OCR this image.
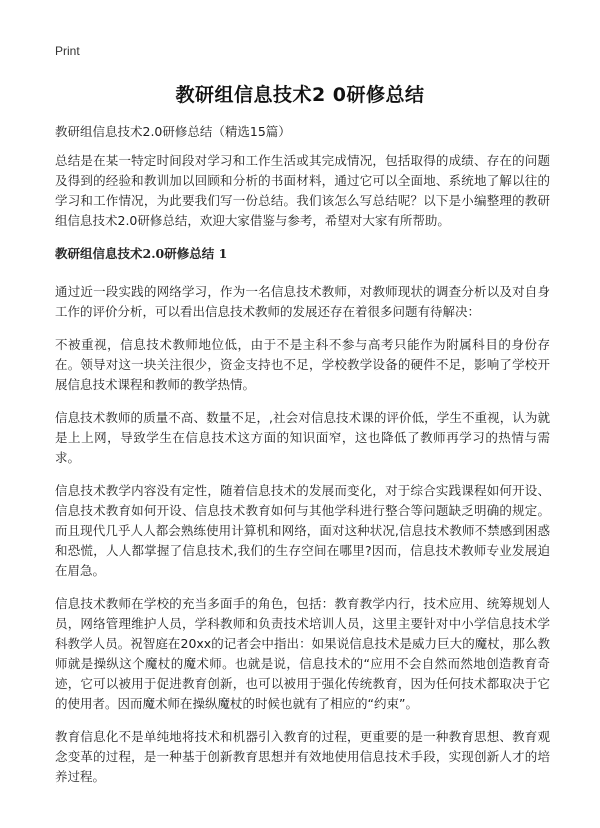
Print
教研组信息技术2 0研修总结

教研组信息技术2.0研修总结（精选15篇）

总结是在某一特定时间段对学习和工作生活或其完成情况，包括取得的成绩、存在的问题及得到的经验和教训加以回顾和分析的书面材料，通过它可以全面地、系统地了解以往的学习和工作情况，为此要我们写一份总结。我们该怎么写总结呢？以下是小编整理的教研组信息技术2.0研修总结，欢迎大家借鉴与参考，希望对大家有所帮助。

教研组信息技术2.0研修总结 1

通过近一段实践的网络学习，作为一名信息技术教师，对教师现状的调查分析以及对自身工作的评价分析，可以看出信息技术教师的发展还存在着很多问题有待解决：

不被重视，信息技术教师地位低，由于不是主科不参与高考只能作为附属科目的身份存在。领导对这一块关注很少，资金支持也不足，学校教学设备的硬件不足，影响了学校开展信息技术课程和教师的教学热情。

信息技术教师的质量不高、数量不足，,社会对信息技术课的评价低，学生不重视，认为就是上上网，导致学生在信息技术这方面的知识面窄，这也降低了教师再学习的热情与需求。

信息技术教学内容没有定性，随着信息技术的发展而变化，对于综合实践课程如何开设、信息技术教育如何开设、信息技术教育如何与其他学科进行整合等问题缺乏明确的规定。而且现代几乎人人都会熟练使用计算机和网络，面对这种状况,信息技术教师不禁感到困惑和恐慌，人人都掌握了信息技术,我们的生存空间在哪里?因而，信息技术教师专业发展迫在眉急。

信息技术教师在学校的充当多面手的角色，包括：教育教学内行，技术应用、统筹规划人员，网络管理维护人员，学科教师和负责技术培训人员，这里主要针对中小学信息技术学科教学人员。祝智庭在20xx的记者会中指出：如果说信息技术是威力巨大的魔杖，那么教师就是操纵这个魔杖的魔术师。也就是说，信息技术的“应用不会自然而然地创造教育奇迹，它可以被用于促进教育创新，也可以被用于强化传统教育，因为任何技术都取决于它的使用者。因而魔术师在操纵魔杖的时候也就有了相应的“约束”。

教育信息化不是单纯地将技术和机器引入教育的过程，更重要的是一种教育思想、教育观念变革的过程，是一种基于创新教育思想并有效地使用信息技术手段，实现创新人才的培养过程。
